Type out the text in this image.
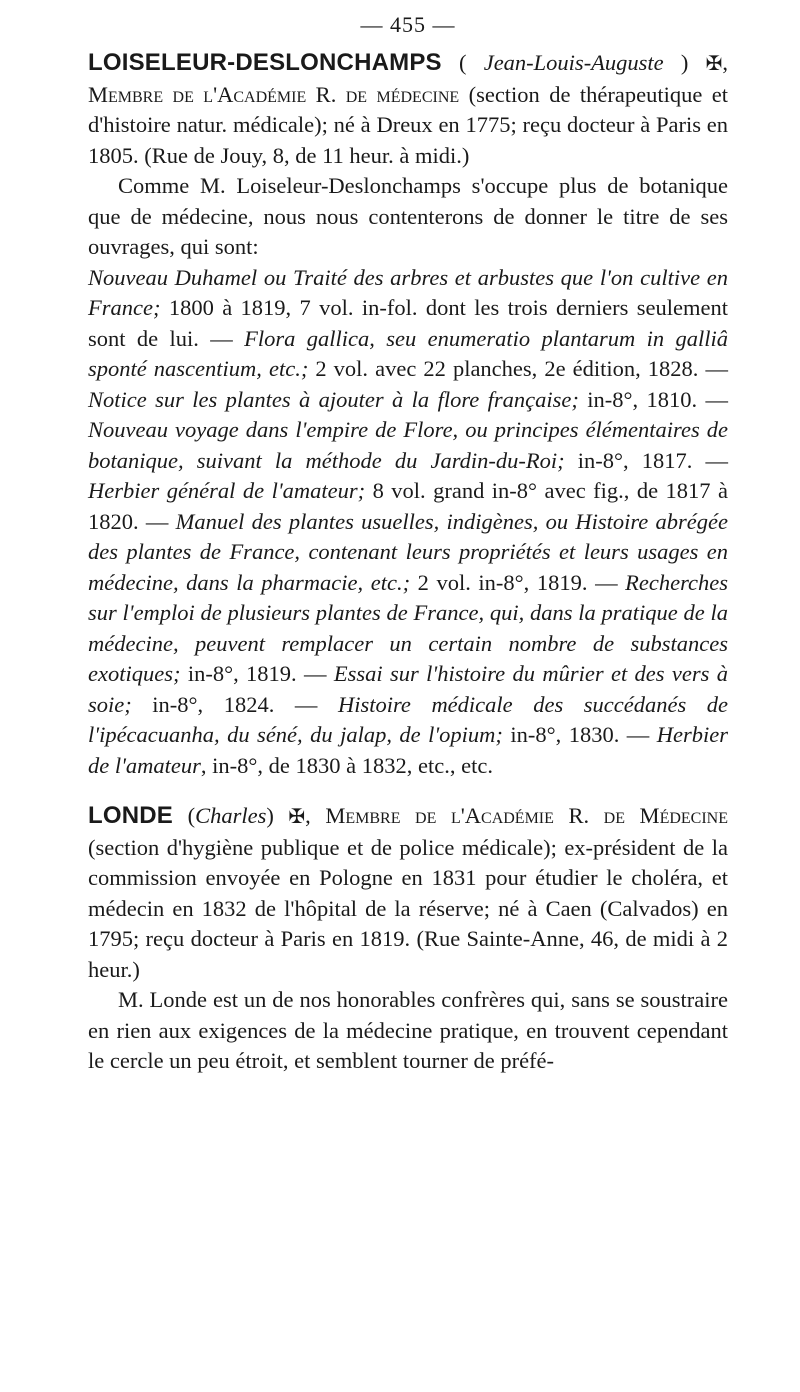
— 455 —

LOISELEUR-DESLONCHAMPS ( Jean-Louis-Auguste ) ✠, Membre de l'Académie R. de médecine (section de thérapeutique et d'histoire natur. médicale); né à Dreux en 1775; reçu docteur à Paris en 1805. (Rue de Jouy, 8, de 11 heur. à midi.)

Comme M. Loiseleur-Deslonchamps s'occupe plus de botanique que de médecine, nous nous contenterons de donner le titre de ses ouvrages, qui sont:

Nouveau Duhamel ou Traité des arbres et arbustes que l'on cultive en France; 1800 à 1819, 7 vol. in-fol. dont les trois derniers seulement sont de lui. — Flora gallica, seu enumeratio plantarum in galliâ sponté nascentium, etc.; 2 vol. avec 22 planches, 2e édition, 1828. — Notice sur les plantes à ajouter à la flore française; in-8°, 1810. — Nouveau voyage dans l'empire de Flore, ou principes élémentaires de botanique, suivant la méthode du Jardin-du-Roi; in-8°, 1817. — Herbier général de l'amateur; 8 vol. grand in-8° avec fig., de 1817 à 1820. — Manuel des plantes usuelles, indigènes, ou Histoire abrégée des plantes de France, contenant leurs propriétés et leurs usages en médecine, dans la pharmacie, etc.; 2 vol. in-8°, 1819. — Recherches sur l'emploi de plusieurs plantes de France, qui, dans la pratique de la médecine, peuvent remplacer un certain nombre de substances exotiques; in-8°, 1819. — Essai sur l'histoire du mûrier et des vers à soie; in-8°, 1824. — Histoire médicale des succédanés de l'ipécacuanha, du séné, du jalap, de l'opium; in-8°, 1830. — Herbier de l'amateur, in-8°, de 1830 à 1832, etc., etc.

LONDE (Charles) ✠, Membre de l'Académie R. de Médecine (section d'hygiène publique et de police médicale); ex-président de la commission envoyée en Pologne en 1831 pour étudier le choléra, et médecin en 1832 de l'hôpital de la réserve; né à Caen (Calvados) en 1795; reçu docteur à Paris en 1819. (Rue Sainte-Anne, 46, de midi à 2 heur.)

M. Londe est un de nos honorables confrères qui, sans se soustraire en rien aux exigences de la médecine pratique, en trouvent cependant le cercle un peu étroit, et semblent tourner de préfé-
